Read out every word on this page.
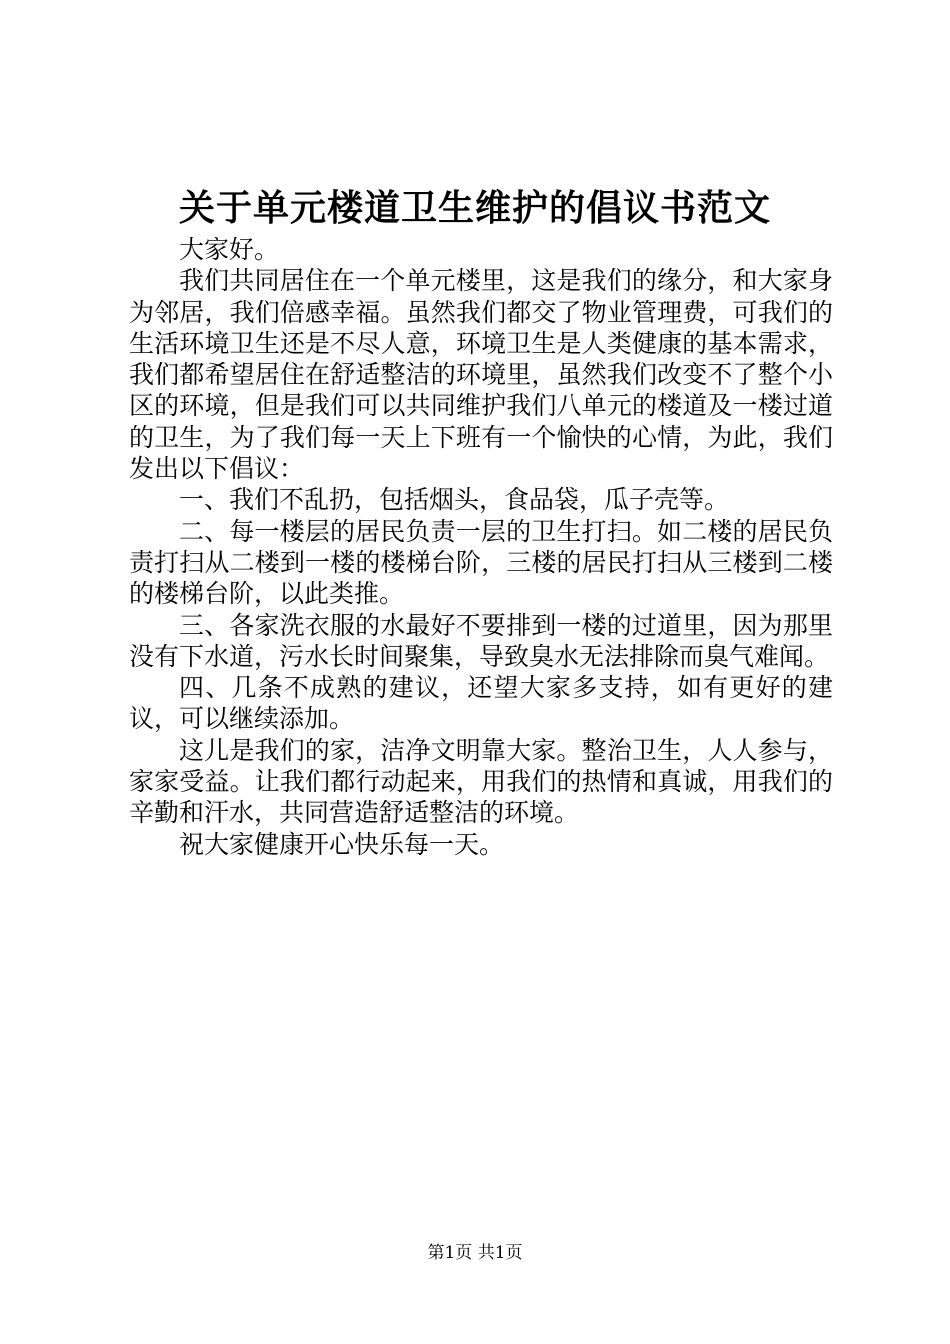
关于单元楼道卫生维护的倡议书范文

大家好。

我们共同居住在一个单元楼里，这是我们的缘分，和大家身为邻居，我们倍感幸福。虽然我们都交了物业管理费，可我们的生活环境卫生还是不尽人意，环境卫生是人类健康的基本需求，我们都希望居住在舒适整洁的环境里，虽然我们改变不了整个小区的环境，但是我们可以共同维护我们八单元的楼道及一楼过道的卫生，为了我们每一天上下班有一个愉快的心情，为此，我们发出以下倡议：

一、我们不乱扔，包括烟头，食品袋，瓜子壳等。

二、每一楼层的居民负责一层的卫生打扫。如二楼的居民负责打扫从二楼到一楼的楼梯台阶，三楼的居民打扫从三楼到二楼的楼梯台阶，以此类推。

三、各家洗衣服的水最好不要排到一楼的过道里，因为那里没有下水道，污水长时间聚集，导致臭水无法排除而臭气难闻。

四、几条不成熟的建议，还望大家多支持，如有更好的建议，可以继续添加。

这儿是我们的家，洁净文明靠大家。整治卫生，人人参与，家家受益。让我们都行动起来，用我们的热情和真诚，用我们的辛勤和汗水，共同营造舒适整洁的环境。

祝大家健康开心快乐每一天。

第1页 共1页
